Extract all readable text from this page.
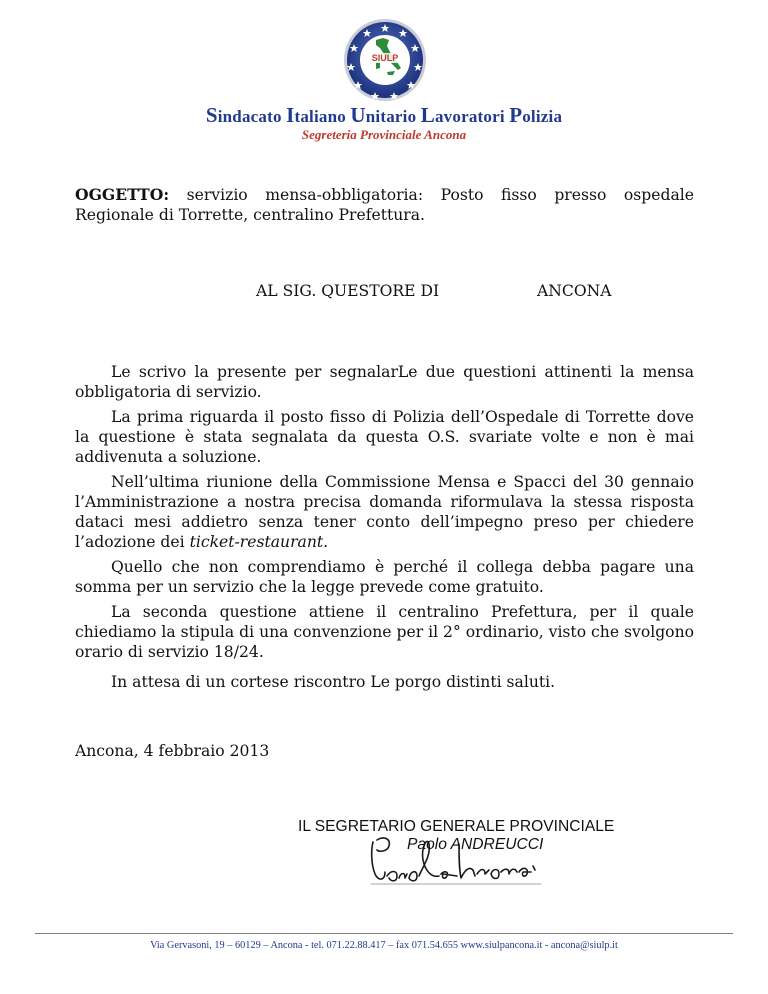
SIULP
Sindacato Italiano Unitario Lavoratori Polizia
Segreteria Provinciale Ancona
OGGETTO: servizio mensa-obbligatoria: Posto fisso presso ospedale Regionale di Torrette, centralino Prefettura.
AL SIG. QUESTORE DI	ANCONA
Le scrivo la presente per segnalarLe due questioni attinenti la mensa obbligatoria di servizio.
La prima riguarda il posto fisso di Polizia dell’Ospedale di Torrette dove la questione è stata segnalata da questa O.S. svariate volte e non è mai addivenuta a soluzione.
Nell’ultima riunione della Commissione Mensa e Spacci del 30 gennaio l’Amministrazione a nostra precisa domanda riformulava la stessa risposta dataci mesi addietro senza tener conto dell’impegno preso per chiedere l’adozione dei ticket-restaurant.
Quello che non comprendiamo è perché il collega debba pagare una somma per un servizio che la legge prevede come gratuito.
La seconda questione attiene il centralino Prefettura, per il quale chiediamo la stipula di una convenzione per il 2° ordinario, visto che svolgono orario di servizio 18/24.
In attesa di un cortese riscontro Le porgo distinti saluti.
Ancona, 4 febbraio 2013
IL SEGRETARIO GENERALE PROVINCIALE
Paolo ANDREUCCI
Via Gervasoni, 19 – 60129 – Ancona - tel. 071.22.88.417 – fax 071.54.655 www.siulpancona.it - ancona@siulp.it
